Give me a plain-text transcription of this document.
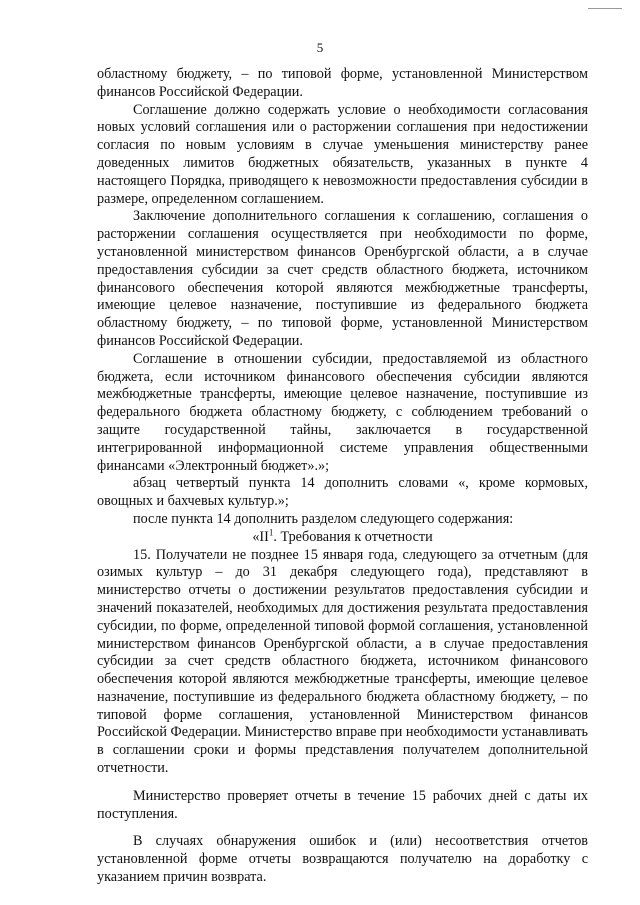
5

областному бюджету, – по типовой форме, установленной Министерством финансов Российской Федерации.

Соглашение должно содержать условие о необходимости согласования новых условий соглашения или о расторжении соглашения при недостижении согласия по новым условиям в случае уменьшения министерству ранее доведенных лимитов бюджетных обязательств, указанных в пункте 4 настоящего Порядка, приводящего к невозможности предоставления субсидии в размере, определенном соглашением.

Заключение дополнительного соглашения к соглашению, соглашения о расторжении соглашения осуществляется при необходимости по форме, установленной министерством финансов Оренбургской области, а в случае предоставления субсидии за счет средств областного бюджета, источником финансового обеспечения которой являются межбюджетные трансферты, имеющие целевое назначение, поступившие из федерального бюджета областному бюджету, – по типовой форме, установленной Министерством финансов Российской Федерации.

Соглашение в отношении субсидии, предоставляемой из областного бюджета, если источником финансового обеспечения субсидии являются межбюджетные трансферты, имеющие целевое назначение, поступившие из федерального бюджета областному бюджету, с соблюдением требований о защите государственной тайны, заключается в государственной интегрированной информационной системе управления общественными финансами «Электронный бюджет».»;

абзац четвертый пункта 14 дополнить словами «, кроме кормовых, овощных и бахчевых культур.»;

после пункта 14 дополнить разделом следующего содержания:

«$II^1$. Требования к отчетности

15. Получатели не позднее 15 января года, следующего за отчетным (для озимых культур – до 31 декабря следующего года), представляют в министерство отчеты о достижении результатов предоставления субсидии и значений показателей, необходимых для достижения результата предоставления субсидии, по форме, определенной типовой формой соглашения, установленной министерством финансов Оренбургской области, а в случае предоставления субсидии за счет средств областного бюджета, источником финансового обеспечения которой являются межбюджетные трансферты, имеющие целевое назначение, поступившие из федерального бюджета областному бюджету, – по типовой форме соглашения, установленной Министерством финансов Российской Федерации. Министерство вправе при необходимости устанавливать в соглашении сроки и формы представления получателем дополнительной отчетности.

Министерство проверяет отчеты в течение 15 рабочих дней с даты их поступления.

В случаях обнаружения ошибок и (или) несоответствия отчетов установленной форме отчеты возвращаются получателю на доработку с указанием причин возврата.
